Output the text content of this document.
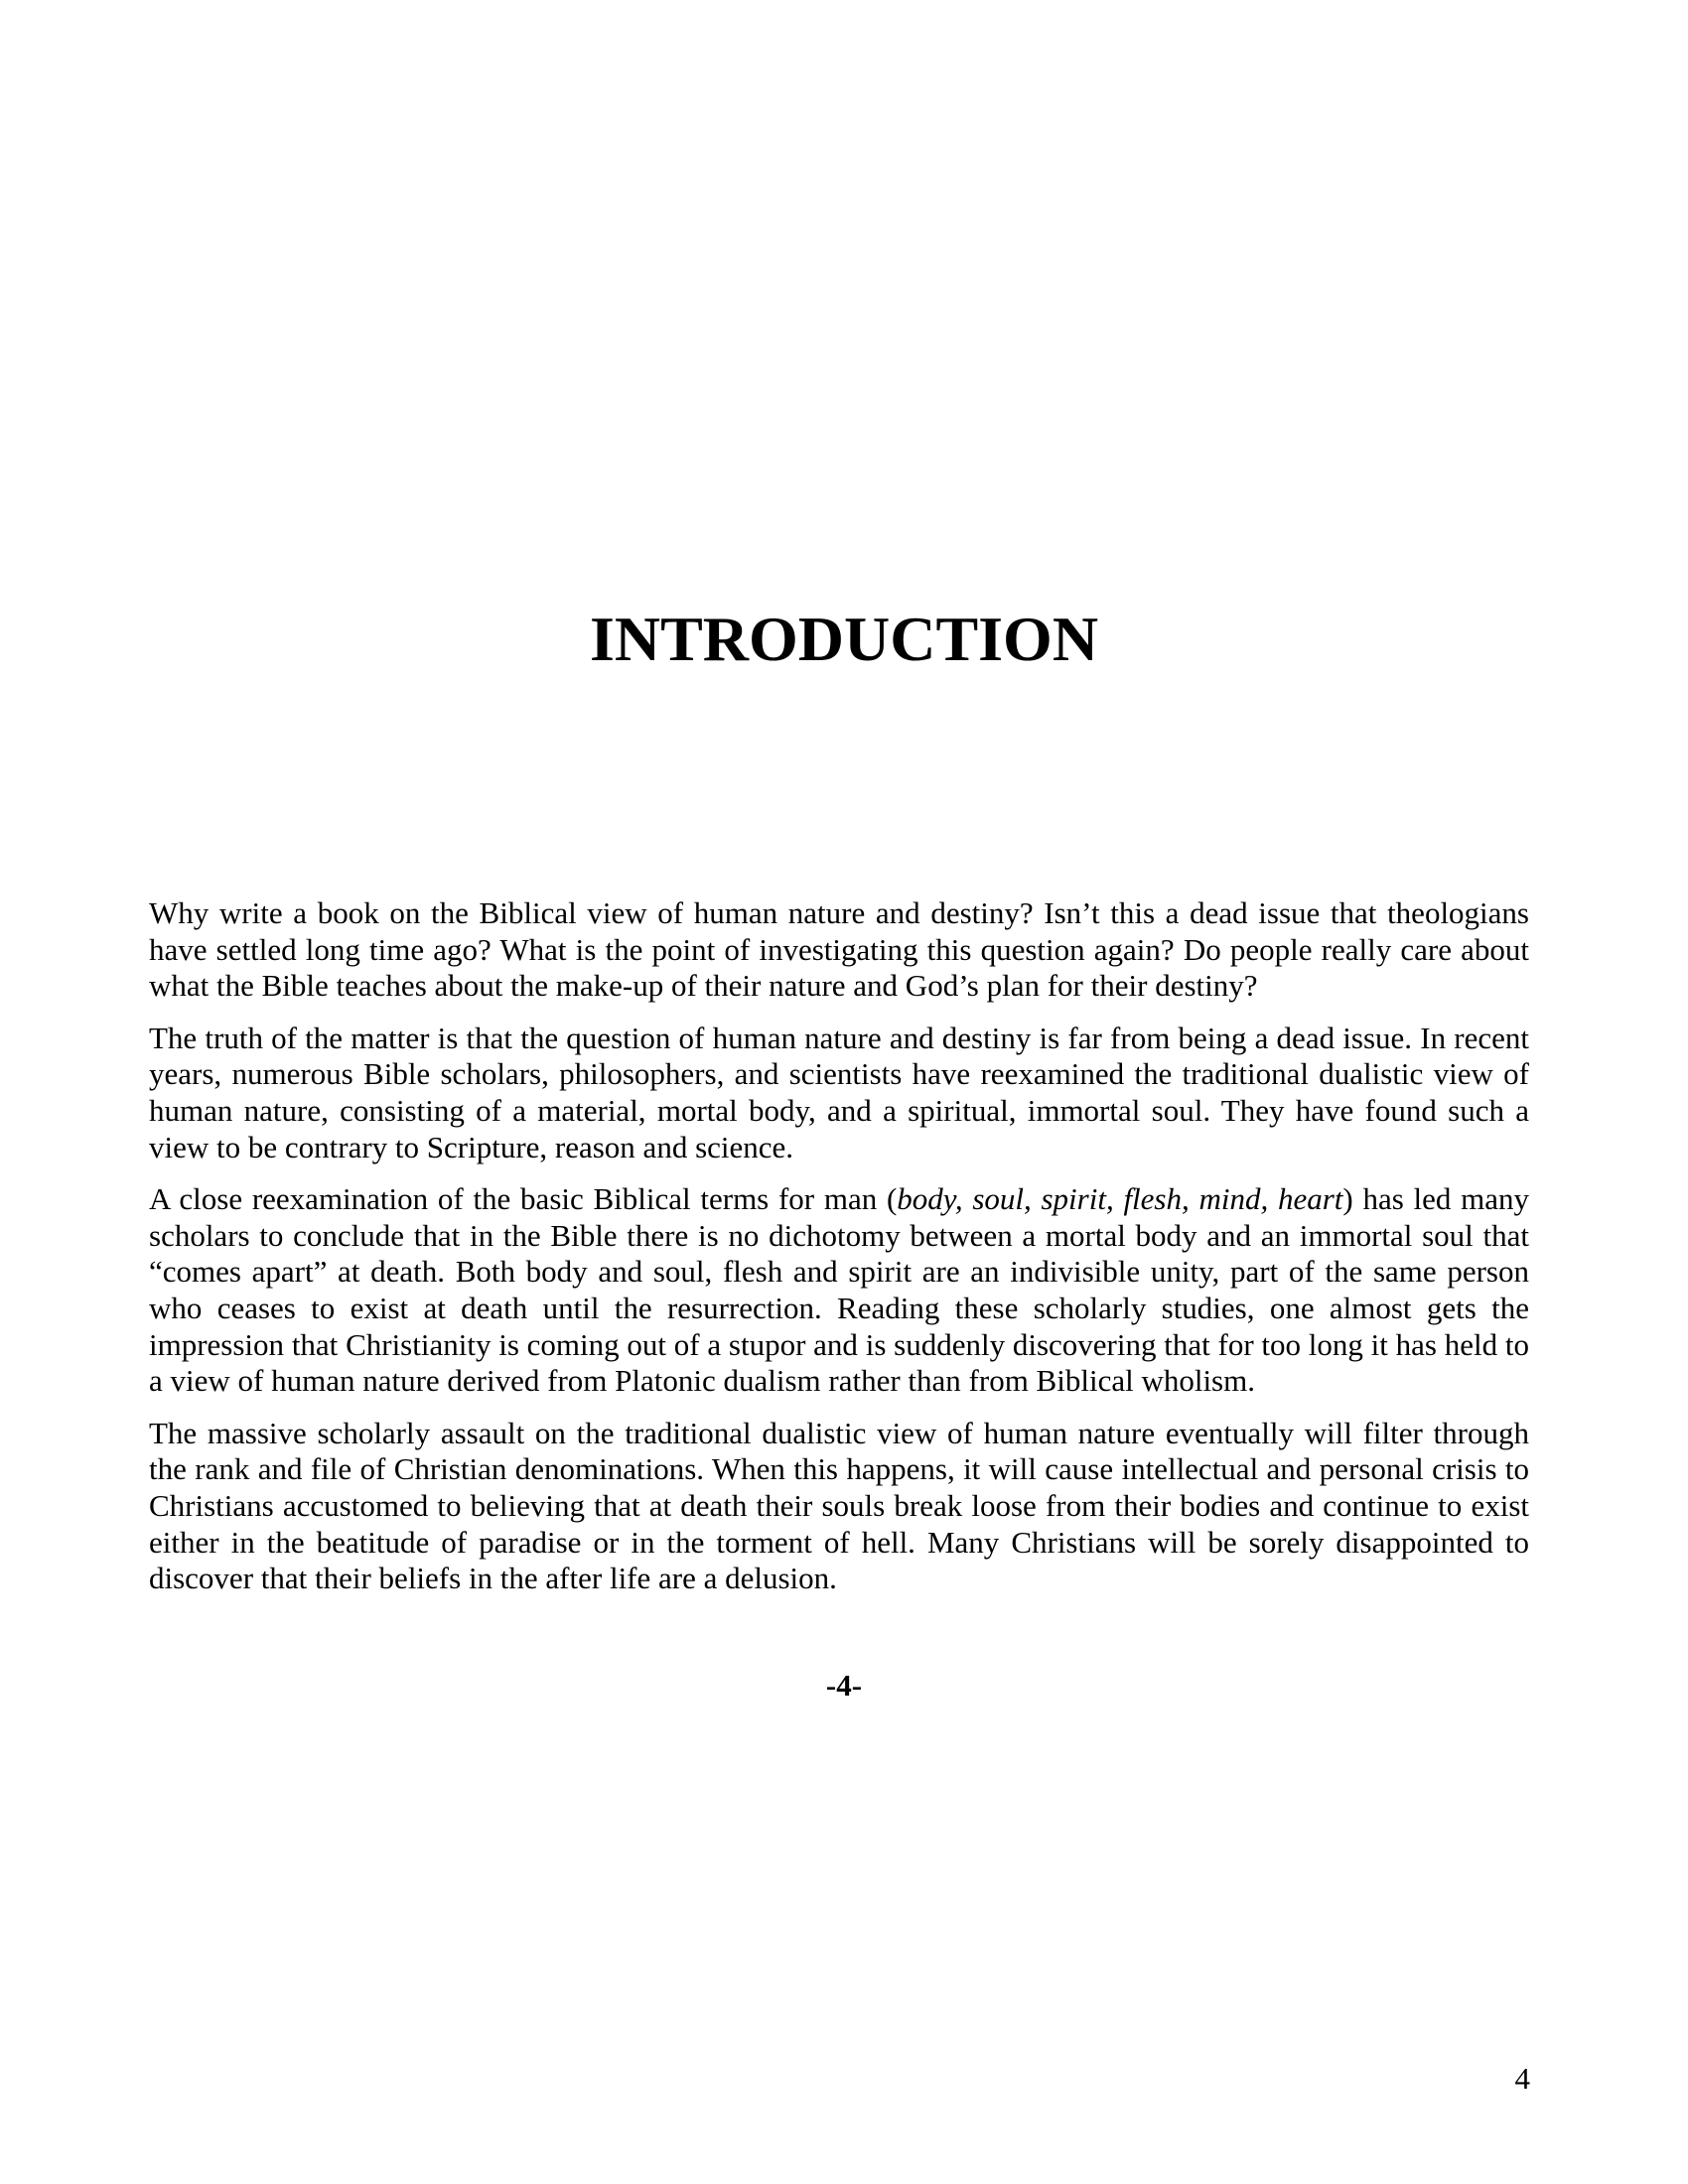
INTRODUCTION

Why write a book on the Biblical view of human nature and destiny? Isn’t this a dead issue that theologians have settled long time ago? What is the point of investigating this question again? Do people really care about what the Bible teaches about the make-up of their nature and God’s plan for their destiny?

The truth of the matter is that the question of human nature and destiny is far from being a dead issue. In recent years, numerous Bible scholars, philosophers, and scientists have reexamined the traditional dualistic view of human nature, consisting of a material, mortal body, and a spiritual, immortal soul. They have found such a view to be contrary to Scripture, reason and science.

A close reexamination of the basic Biblical terms for man (body, soul, spirit, flesh, mind, heart) has led many scholars to conclude that in the Bible there is no dichotomy between a mortal body and an immortal soul that “comes apart” at death. Both body and soul, flesh and spirit are an indivisible unity, part of the same person who ceases to exist at death until the resurrection. Reading these scholarly studies, one almost gets the impression that Christianity is coming out of a stupor and is suddenly discovering that for too long it has held to a view of human nature derived from Platonic dualism rather than from Biblical wholism.

The massive scholarly assault on the traditional dualistic view of human nature eventually will filter through the rank and file of Christian denominations. When this happens, it will cause intellectual and personal crisis to Christians accustomed to believing that at death their souls break loose from their bodies and continue to exist either in the beatitude of paradise or in the torment of hell. Many Christians will be sorely disappointed to discover that their beliefs in the after life are a delusion.

-4-
4
